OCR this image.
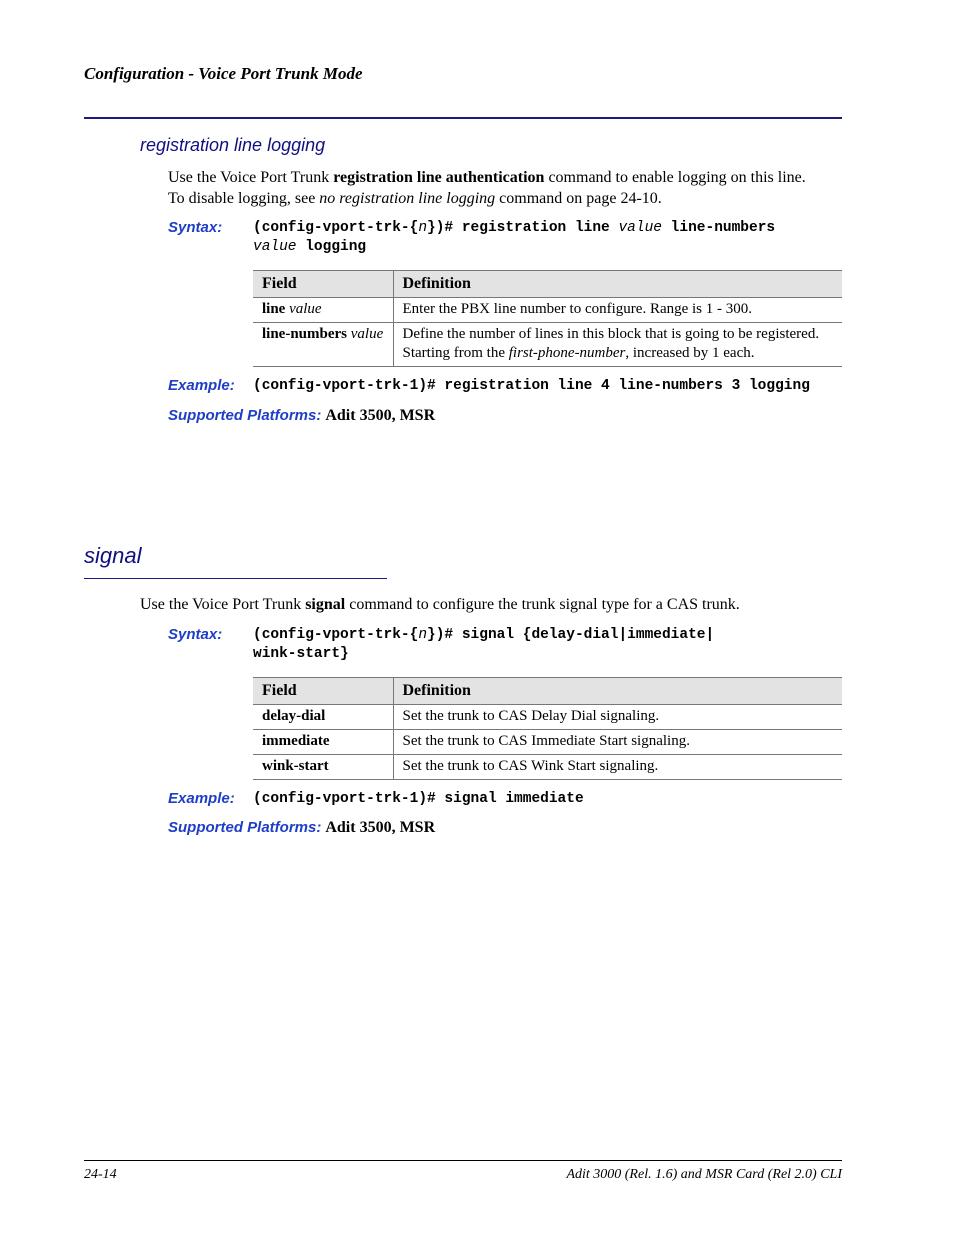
Configuration - Voice Port Trunk Mode
registration line logging
Use the Voice Port Trunk registration line authentication command to enable logging on this line.
To disable logging, see no registration line logging command on page 24-10.
Syntax: (config-vport-trk-{n})# registration line value line-numbers
value logging
Field	Definition
line value	Enter the PBX line number to configure. Range is 1 - 300.
line-numbers value	Define the number of lines in this block that is going to be registered.
Starting from the first-phone-number, increased by 1 each.
Example: (config-vport-trk-1)# registration line 4 line-numbers 3 logging
Supported Platforms: Adit 3500, MSR
signal
Use the Voice Port Trunk signal command to configure the trunk signal type for a CAS trunk.
Syntax: (config-vport-trk-{n})# signal {delay-dial|immediate|
wink-start}
Field	Definition
delay-dial	Set the trunk to CAS Delay Dial signaling.
immediate	Set the trunk to CAS Immediate Start signaling.
wink-start	Set the trunk to CAS Wink Start signaling.
Example: (config-vport-trk-1)# signal immediate
Supported Platforms: Adit 3500, MSR
24-14	Adit 3000 (Rel. 1.6) and MSR Card (Rel 2.0) CLI
